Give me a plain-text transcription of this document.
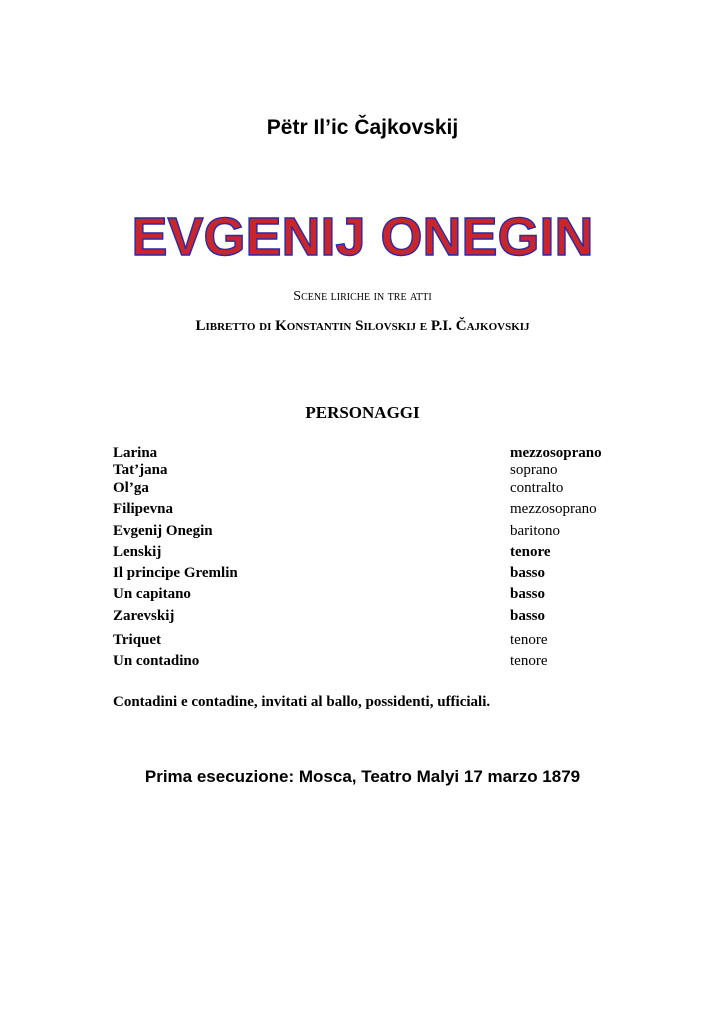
Pëtr Il’ic Čajkovskij
EVGENIJ ONEGIN
Scene liriche in tre atti
Libretto di Konstantin Silovskij e P.I. Čajkovskij
PERSONAGGI
Larina	mezzosoprano
Tat’jana	soprano
Ol’ga	contralto
Filipevna	mezzosoprano
Evgenij Onegin	baritono
Lenskij	tenore
Il principe Gremlin	basso
Un capitano	basso
Zarevskij	basso
Triquet	tenore
Un contadino	tenore
Contadini e contadine, invitati al ballo, possidenti, ufficiali.
Prima esecuzione: Mosca, Teatro Malyi 17 marzo 1879
